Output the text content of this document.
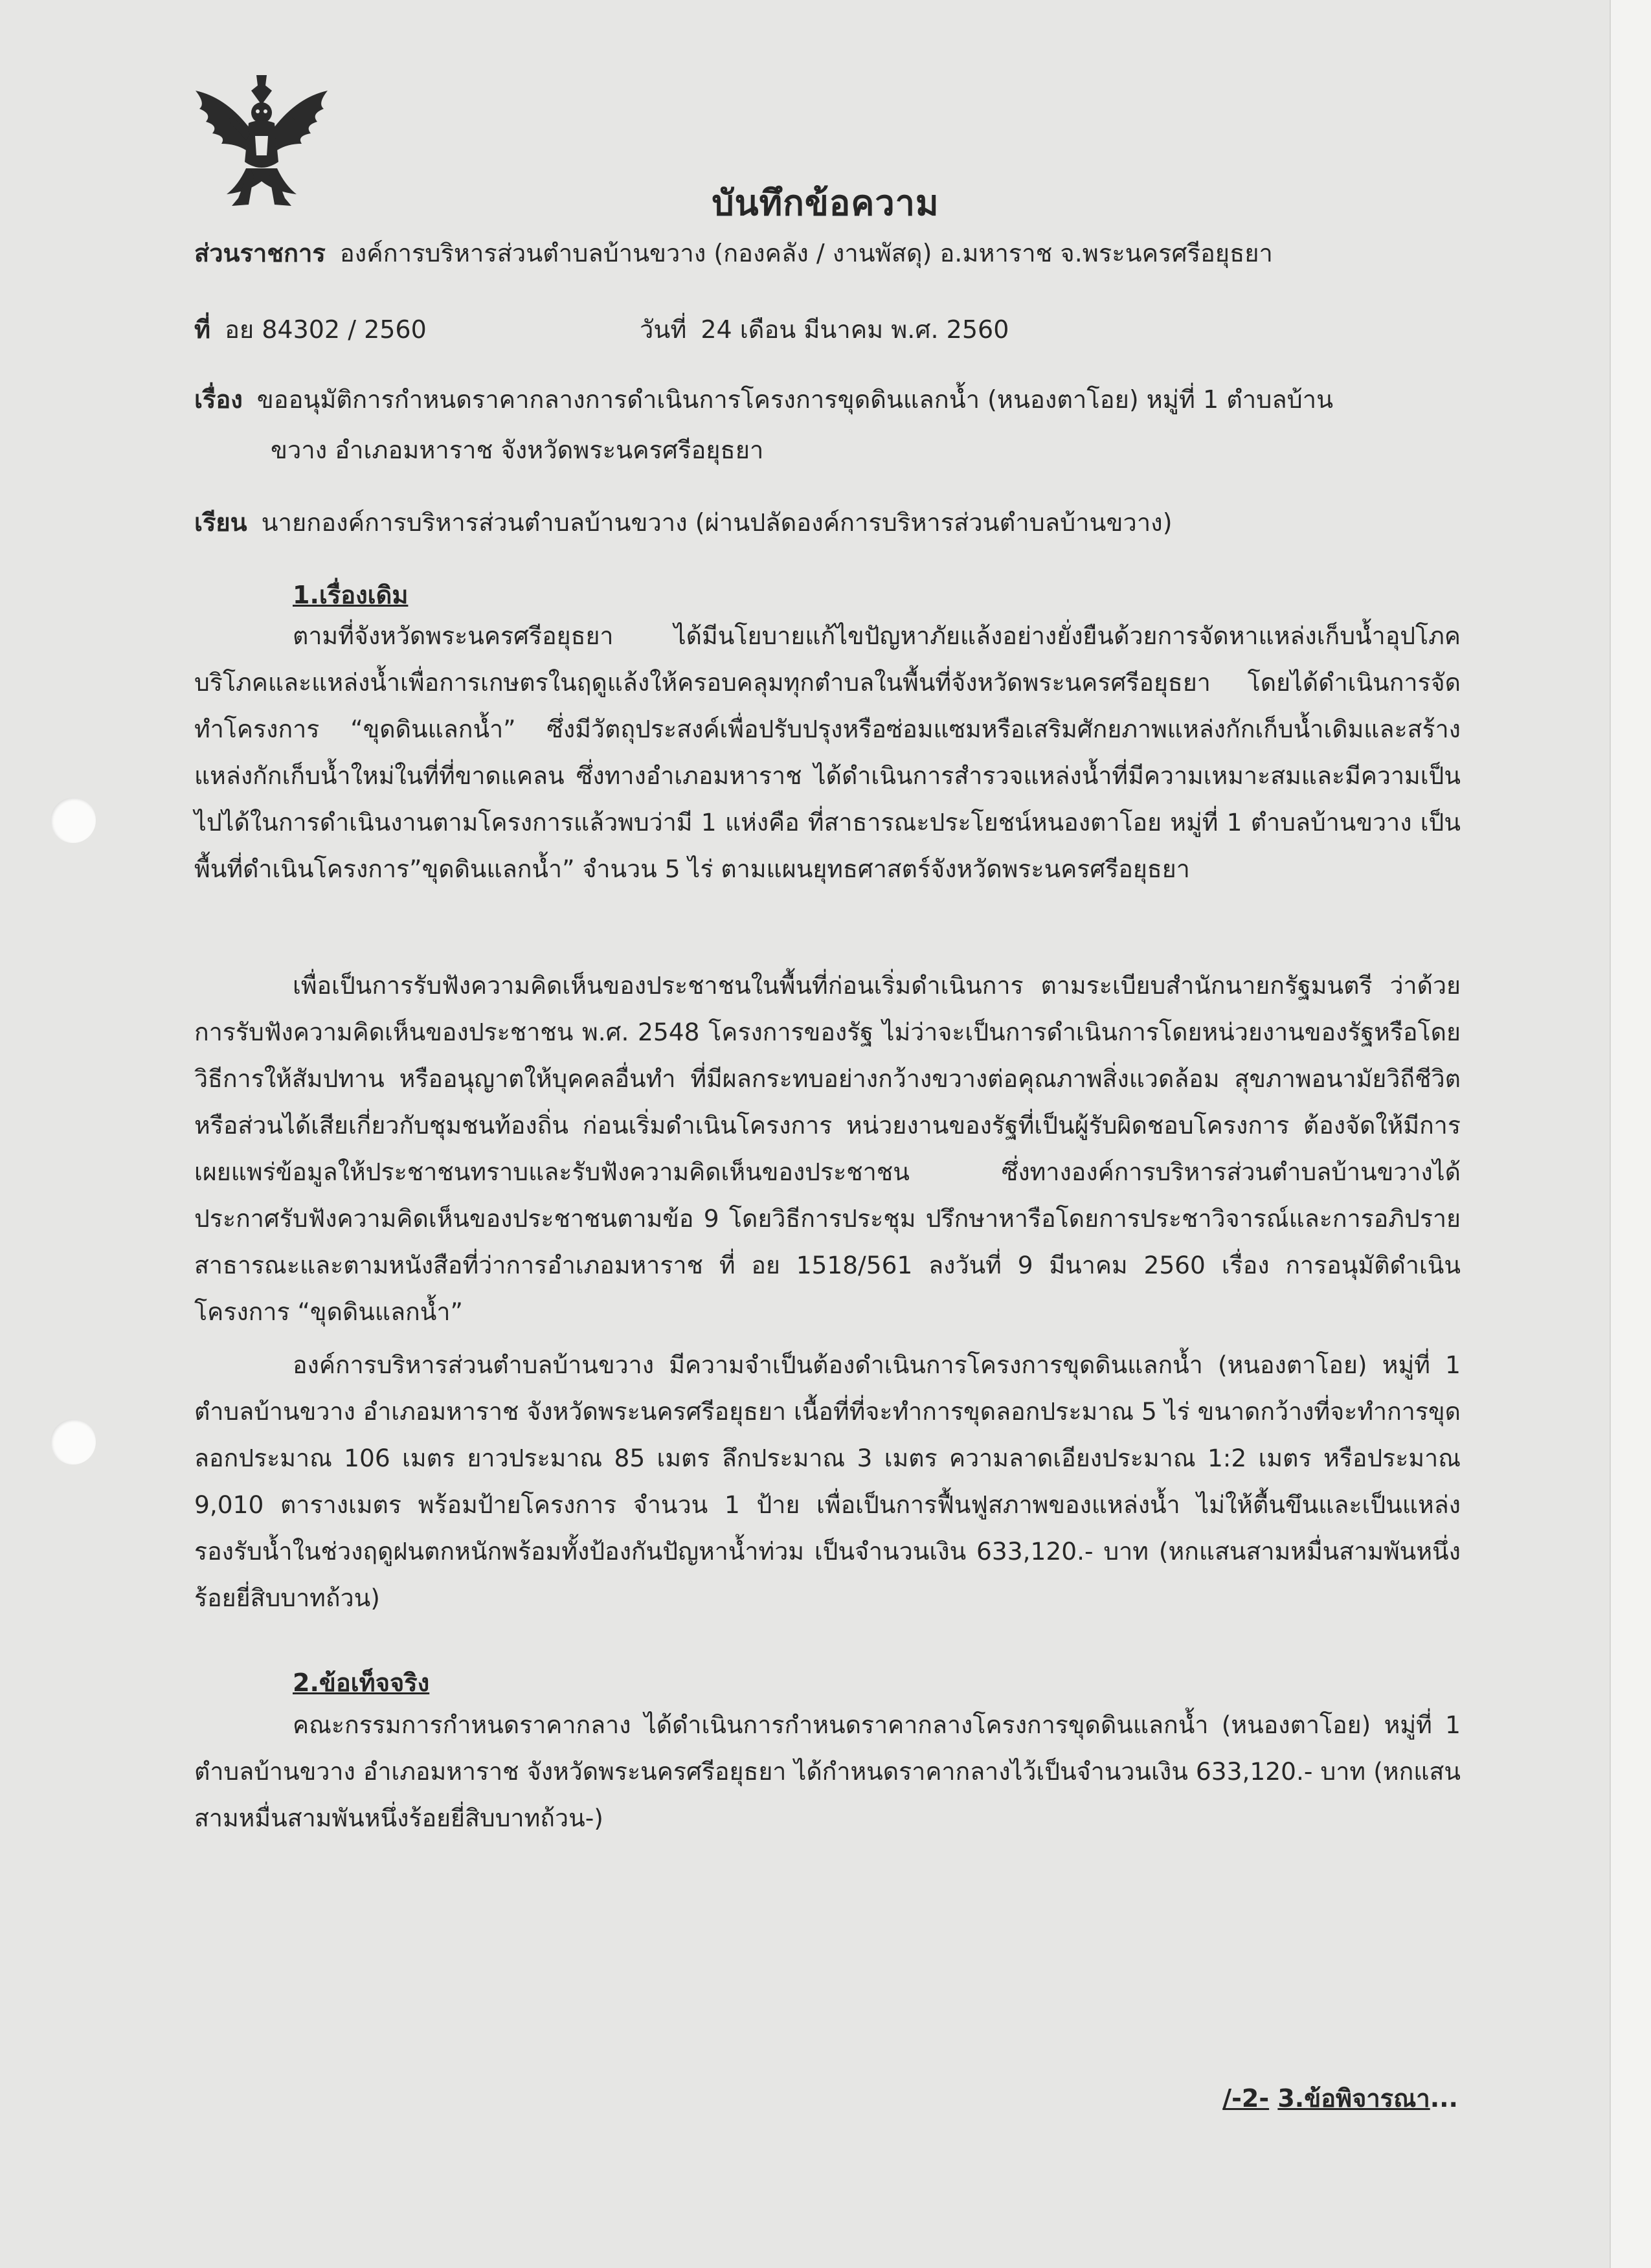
บันทึกข้อความ
ส่วนราชการ องค์การบริหารส่วนตำบลบ้านขวาง (กองคลัง / งานพัสดุ) อ.มหาราช จ.พระนครศรีอยุธยา
ที่ อย 84302 / 2560	วันที่ 24 เดือน มีนาคม พ.ศ. 2560
เรื่อง ขออนุมัติการกำหนดราคากลางการดำเนินการโครงการขุดดินแลกน้ำ (หนองตาโอย) หมู่ที่ 1 ตำบลบ้าน
ขวาง อำเภอมหาราช จังหวัดพระนครศรีอยุธยา
เรียน นายกองค์การบริหารส่วนตำบลบ้านขวาง (ผ่านปลัดองค์การบริหารส่วนตำบลบ้านขวาง)
1.เรื่องเดิม

ตามที่จังหวัดพระนครศรีอยุธยา ได้มีนโยบายแก้ไขปัญหาภัยแล้งอย่างยั่งยืนด้วยการจัดหาแหล่งเก็บน้ำอุปโภคบริโภคและแหล่งน้ำเพื่อการเกษตรในฤดูแล้งให้ครอบคลุมทุกตำบลในพื้นที่จังหวัดพระนครศรีอยุธยา โดยได้ดำเนินการจัดทำโครงการ “ขุดดินแลกน้ำ” ซึ่งมีวัตถุประสงค์เพื่อปรับปรุงหรือซ่อมแซมหรือเสริมศักยภาพแหล่งกักเก็บน้ำเดิมและสร้างแหล่งกักเก็บน้ำใหม่ในที่ที่ขาดแคลน ซึ่งทางอำเภอมหาราช ได้ดำเนินการสำรวจแหล่งน้ำที่มีความเหมาะสมและมีความเป็นไปได้ในการดำเนินงานตามโครงการแล้วพบว่ามี 1 แห่งคือ ที่สาธารณะประโยชน์หนองตาโอย หมู่ที่ 1 ตำบลบ้านขวาง เป็นพื้นที่ดำเนินโครงการ”ขุดดินแลกน้ำ” จำนวน 5 ไร่ ตามแผนยุทธศาสตร์จังหวัดพระนครศรีอยุธยา

เพื่อเป็นการรับฟังความคิดเห็นของประชาชนในพื้นที่ก่อนเริ่มดำเนินการ ตามระเบียบสำนักนายกรัฐมนตรี ว่าด้วยการรับฟังความคิดเห็นของประชาชน พ.ศ. 2548 โครงการของรัฐ ไม่ว่าจะเป็นการดำเนินการโดยหน่วยงานของรัฐหรือโดยวิธีการให้สัมปทาน หรืออนุญาตให้บุคคลอื่นทำ ที่มีผลกระทบอย่างกว้างขวางต่อคุณภาพสิ่งแวดล้อม สุขภาพอนามัยวิถีชีวิตหรือส่วนได้เสียเกี่ยวกับชุมชนท้องถิ่น ก่อนเริ่มดำเนินโครงการ หน่วยงานของรัฐที่เป็นผู้รับผิดชอบโครงการ ต้องจัดให้มีการเผยแพร่ข้อมูลให้ประชาชนทราบและรับฟังความคิดเห็นของประชาชน ซึ่งทางองค์การบริหารส่วนตำบลบ้านขวางได้ประกาศรับฟังความคิดเห็นของประชาชนตามข้อ 9 โดยวิธีการประชุม ปรึกษาหารือโดยการประชาวิจารณ์และการอภิปรายสาธารณะและตามหนังสือที่ว่าการอำเภอมหาราช ที่ อย 1518/561 ลงวันที่ 9 มีนาคม 2560 เรื่อง การอนุมัติดำเนินโครงการ “ขุดดินแลกน้ำ”

องค์การบริหารส่วนตำบลบ้านขวาง มีความจำเป็นต้องดำเนินการโครงการขุดดินแลกน้ำ (หนองตาโอย) หมู่ที่ 1 ตำบลบ้านขวาง อำเภอมหาราช จังหวัดพระนครศรีอยุธยา เนื้อที่ที่จะทำการขุดลอกประมาณ 5 ไร่ ขนาดกว้างที่จะทำการขุดลอกประมาณ 106 เมตร ยาวประมาณ 85 เมตร ลึกประมาณ 3 เมตร ความลาดเอียงประมาณ 1:2 เมตร หรือประมาณ 9,010 ตารางเมตร พร้อมป้ายโครงการ จำนวน 1 ป้าย เพื่อเป็นการฟื้นฟูสภาพของแหล่งน้ำ ไม่ให้ตื้นขึนและเป็นแหล่งรองรับน้ำในช่วงฤดูฝนตกหนักพร้อมทั้งป้องกันปัญหาน้ำท่วม เป็นจำนวนเงิน 633,120.- บาท (หกแสนสามหมื่นสามพันหนึ่งร้อยยี่สิบบาทถ้วน)

2.ข้อเท็จจริง

คณะกรรมการกำหนดราคากลาง ได้ดำเนินการกำหนดราคากลางโครงการขุดดินแลกน้ำ (หนองตาโอย) หมู่ที่ 1 ตำบลบ้านขวาง อำเภอมหาราช จังหวัดพระนครศรีอยุธยา ได้กำหนดราคากลางไว้เป็นจำนวนเงิน 633,120.- บาท (หกแสนสามหมื่นสามพันหนึ่งร้อยยี่สิบบาทถ้วน-)

/-2- 3.ข้อพิจารณา...
